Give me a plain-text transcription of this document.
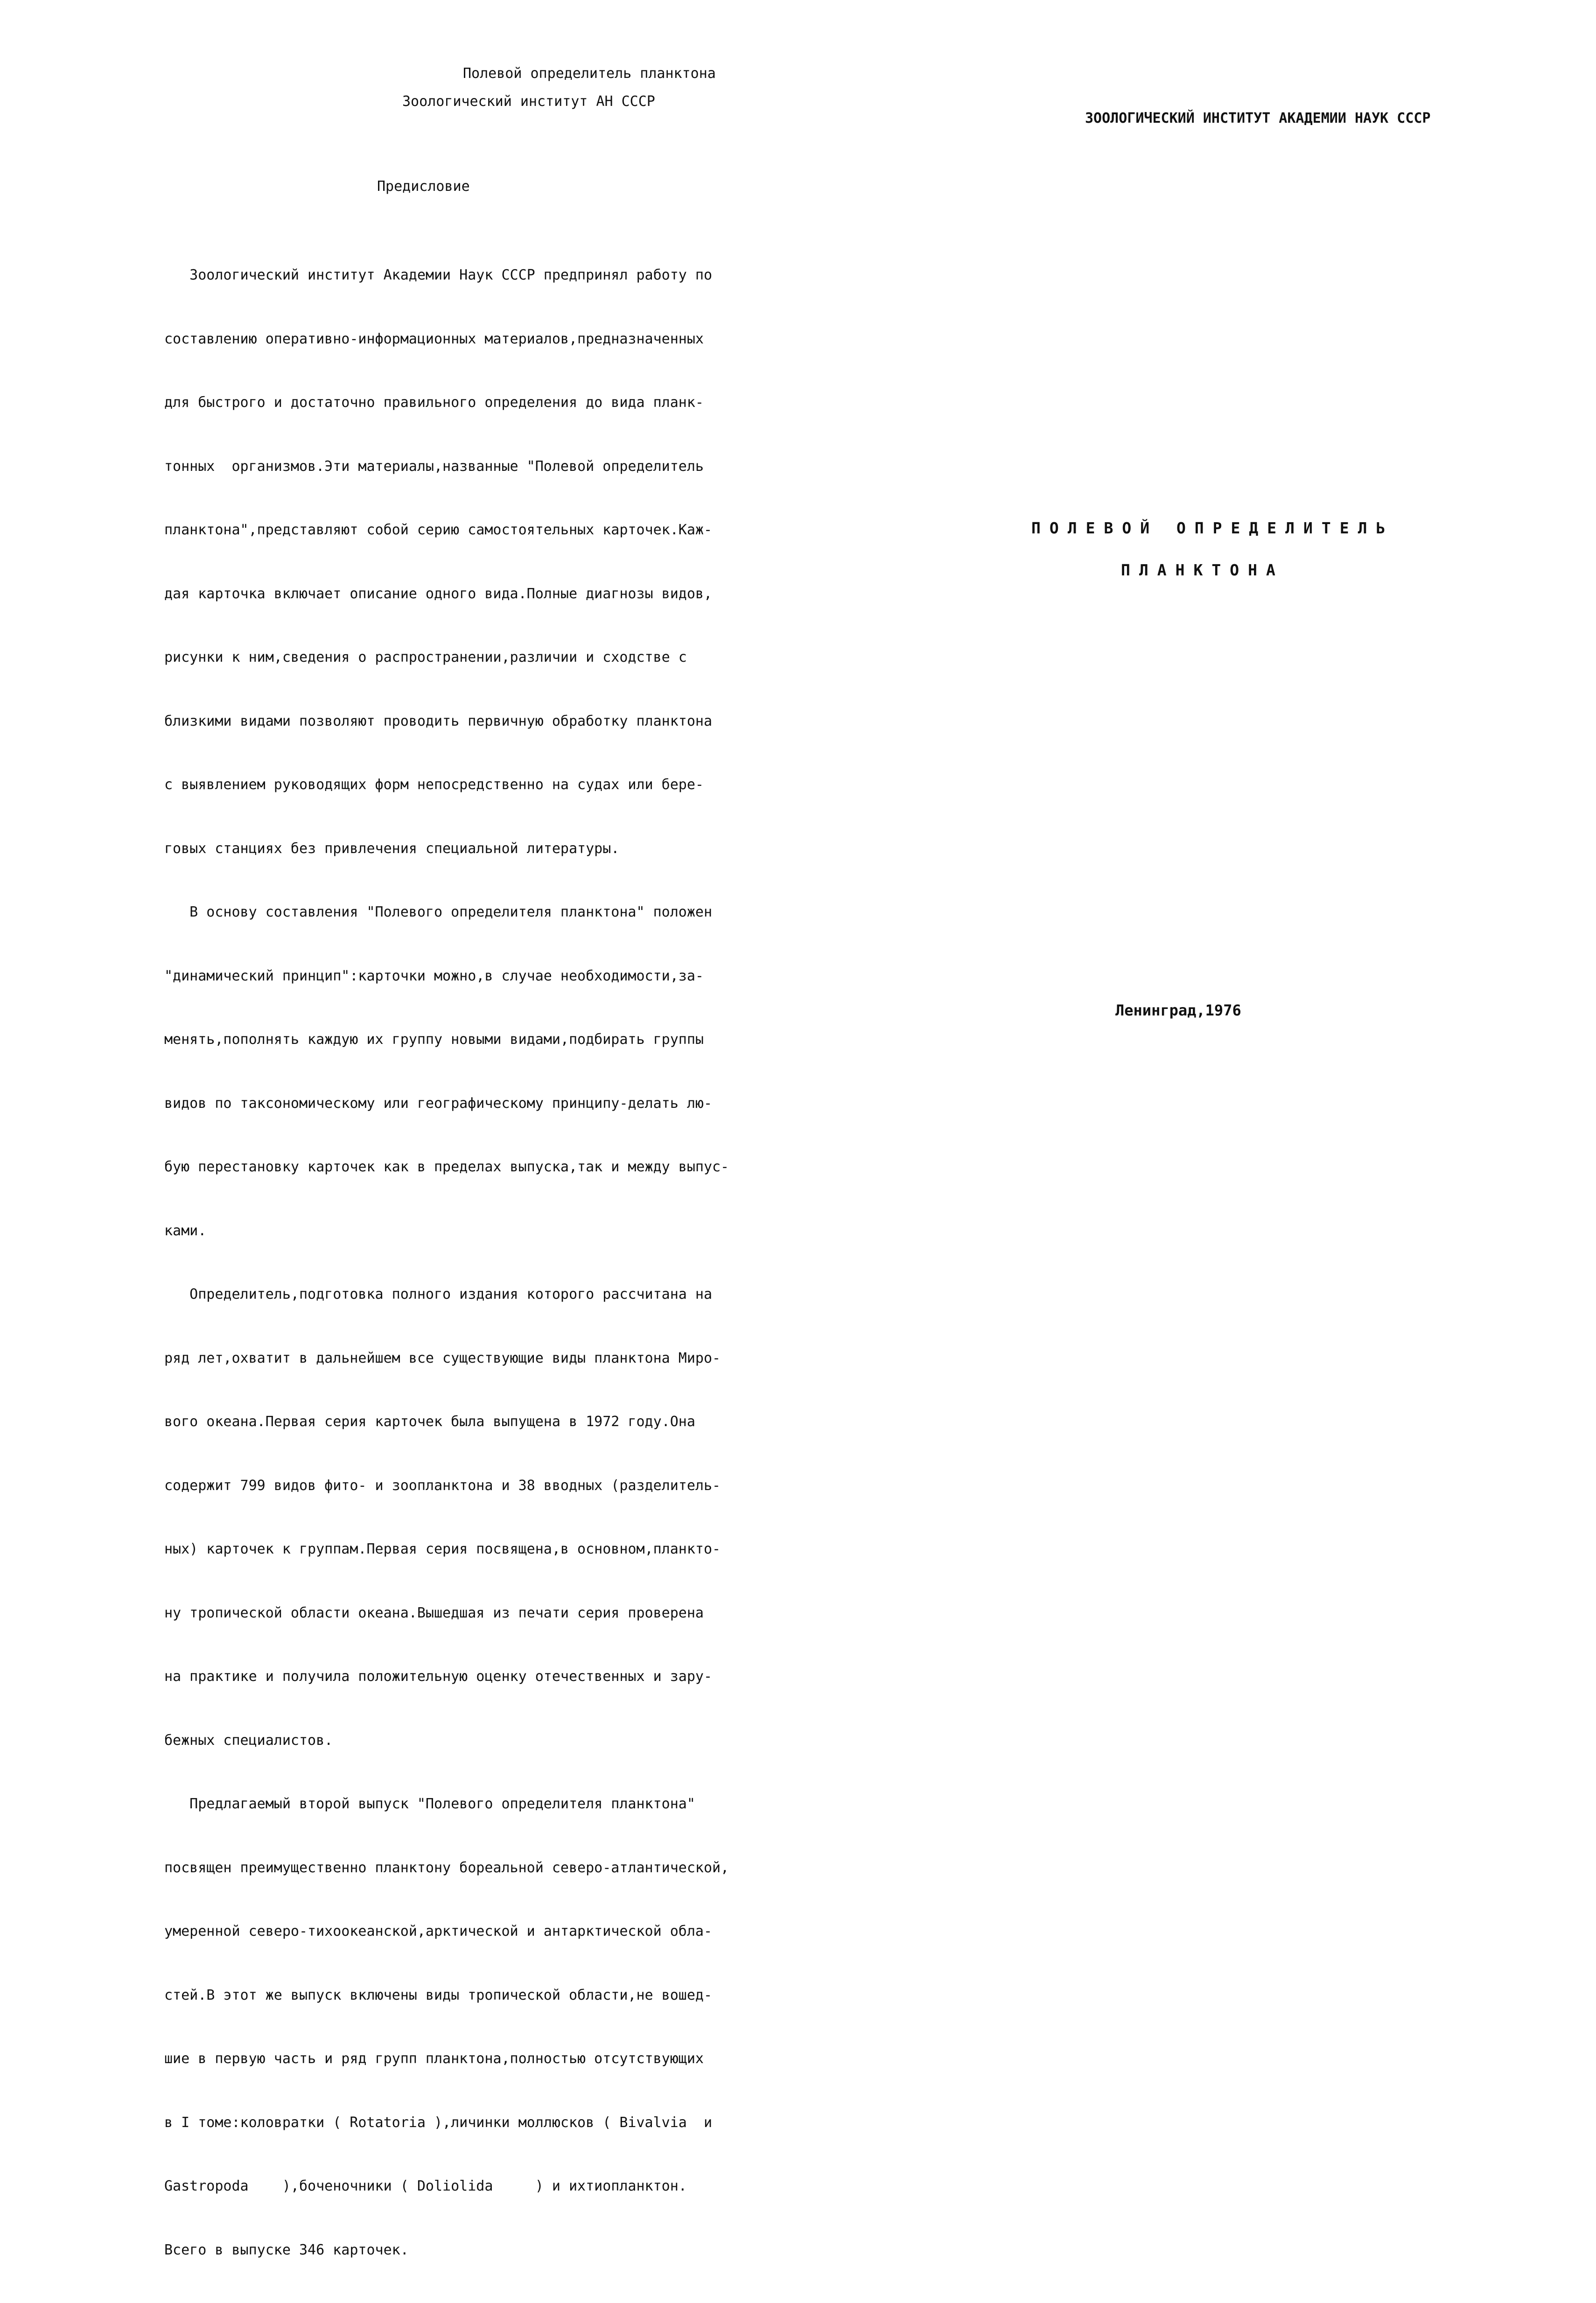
Полевой определитель планктона
Зоологический институт АН СССР
Предисловие

Зоологический институт Академии Наук СССР предпринял работу по

составлению оперативно-информационных материалов,предназначенных

для быстрого и достаточно правильного определения до вида планк-

тонных  организмов.Эти материалы,названные "Полевой определитель

планктона",представляют собой серию самостоятельных карточек.Каж-

дая карточка включает описание одного вида.Полные диагнозы видов,

рисунки к ним,сведения о распространении,различии и сходстве с

близкими видами позволяют проводить первичную обработку планктона

с выявлением руководящих форм непосредственно на судах или бере-

говых станциях без привлечения специальной литературы.

В основу составления "Полевого определителя планктона" положен

"динамический принцип":карточки можно,в случае необходимости,за-

менять,пополнять каждую их группу новыми видами,подбирать группы

видов по таксономическому или географическому принципу-делать лю-

бую перестановку карточек как в пределах выпуска,так и между выпус-

ками.

Определитель,подготовка полного издания которого рассчитана на

ряд лет,охватит в дальнейшем все существующие виды планктона Миро-

вого океана.Первая серия карточек была выпущена в 1972 году.Она

содержит 799 видов фито- и зоопланктона и 38 вводных (разделитель-

ных) карточек к группам.Первая серия посвящена,в основном,планкто-

ну тропической области океана.Вышедшая из печати серия проверена

на практике и получила положительную оценку отечественных и зару-

бежных специалистов.

Предлагаемый второй выпуск "Полевого определителя планктона"

посвящен преимущественно планктону бореальной северо-атлантической,

умеренной северо-тихоокеанской,арктической и антарктической обла-

стей.В этот же выпуск включены виды тропической области,не вошед-

шие в первую часть и ряд групп планктона,полностью отсутствующих

в I томе:коловратки ( Rotatoria ),личинки моллюсков ( Bivalvia  и

Gastropoda    ),боченочники ( Doliolida     ) и ихтиопланктон.

Всего в выпуске 346 карточек.

ЗООЛОГИЧЕСКИЙ ИНСТИТУТ АКАДЕМИИ НАУК СССР
ПОЛЕВОЙ ОПРЕДЕЛИТЕЛЬ
ПЛАНКТОНА
Ленинград,1976
